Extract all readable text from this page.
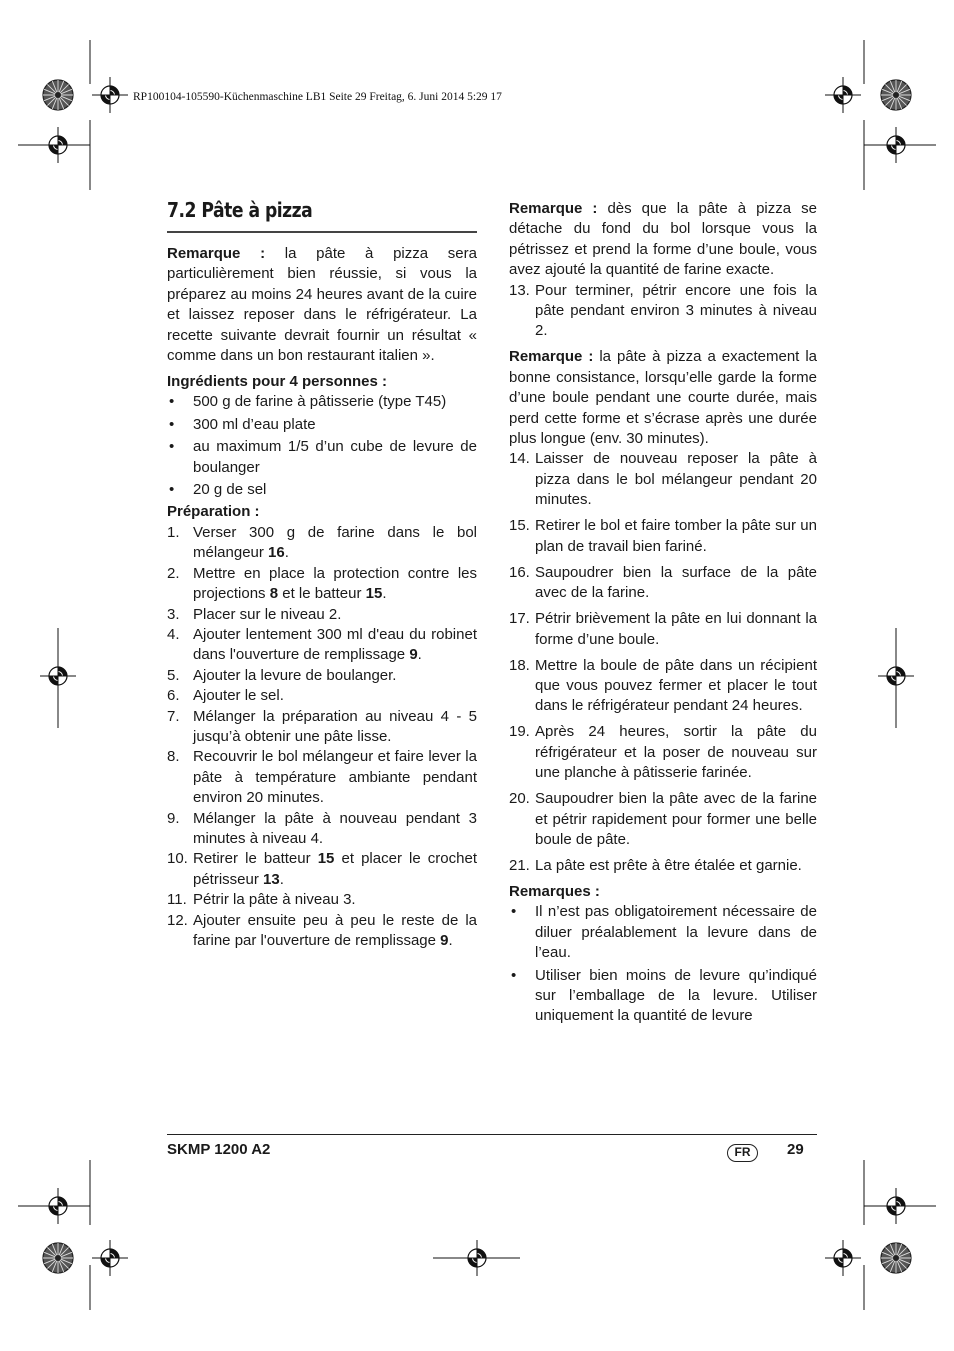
RP100104-105590-Küchenmaschine LB1 Seite 29 Freitag, 6. Juni 2014 5:29 17
7.2 Pâte à pizza

Remarque : la pâte à pizza sera particulièrement bien réussie, si vous la préparez au moins 24 heures avant de la cuire et laissez reposer dans le réfrigérateur. La recette suivante devrait fournir un résultat « comme dans un bon restaurant italien ».

Ingrédients pour 4 personnes :

• 500 g de farine à pâtisserie (type T45)

• 300 ml d’eau plate

• au maximum 1/5 d’un cube de levure de boulanger

• 20 g de sel

Préparation :

1. Verser 300 g de farine dans le bol mélangeur 16.

2. Mettre en place la protection contre les projections 8 et le batteur 15.

3. Placer sur le niveau 2.

4. Ajouter lentement 300 ml d'eau du robinet dans l'ouverture de remplissage 9.

5. Ajouter la levure de boulanger.

6. Ajouter le sel.

7. Mélanger la préparation au niveau 4 - 5 jusqu’à obtenir une pâte lisse.

8. Recouvrir le bol mélangeur et faire lever la pâte à température ambiante pendant environ 20 minutes.

9. Mélanger la pâte à nouveau pendant 3 minutes à niveau 4.

10. Retirer le batteur 15 et placer le crochet pétrisseur 13.

11. Pétrir la pâte à niveau 3.

12. Ajouter ensuite peu à peu le reste de la farine par l'ouverture de remplissage 9.

Remarque : dès que la pâte à pizza se détache du fond du bol lorsque vous la pétrissez et prend la forme d’une boule, vous avez ajouté la quantité de farine exacte.

13. Pour terminer, pétrir encore une fois la pâte pendant environ 3 minutes à niveau 2.

Remarque : la pâte à pizza a exactement la bonne consistance, lorsqu’elle garde la forme d’une boule pendant une courte durée, mais perd cette forme et s’écrase après une durée plus longue (env. 30 minutes).

14. Laisser de nouveau reposer la pâte à pizza dans le bol mélangeur pendant 20 minutes.

15. Retirer le bol et faire tomber la pâte sur un plan de travail bien fariné.

16. Saupoudrer bien la surface de la pâte avec de la farine.

17. Pétrir brièvement la pâte en lui donnant la forme d’une boule.

18. Mettre la boule de pâte dans un récipient que vous pouvez fermer et placer le tout dans le réfrigérateur pendant 24 heures.

19. Après 24 heures, sortir la pâte du réfrigérateur et la poser de nouveau sur une planche à pâtisserie farinée.

20. Saupoudrer bien la pâte avec de la farine et pétrir rapidement pour former une belle boule de pâte.

21. La pâte est prête à être étalée et garnie.

Remarques :

• Il n’est pas obligatoirement nécessaire de diluer préalablement la levure dans de l’eau.

• Utiliser bien moins de levure qu’indiqué sur l’emballage de la levure. Utiliser uniquement la quantité de levure

SKMP 1200 A2	FR	29
